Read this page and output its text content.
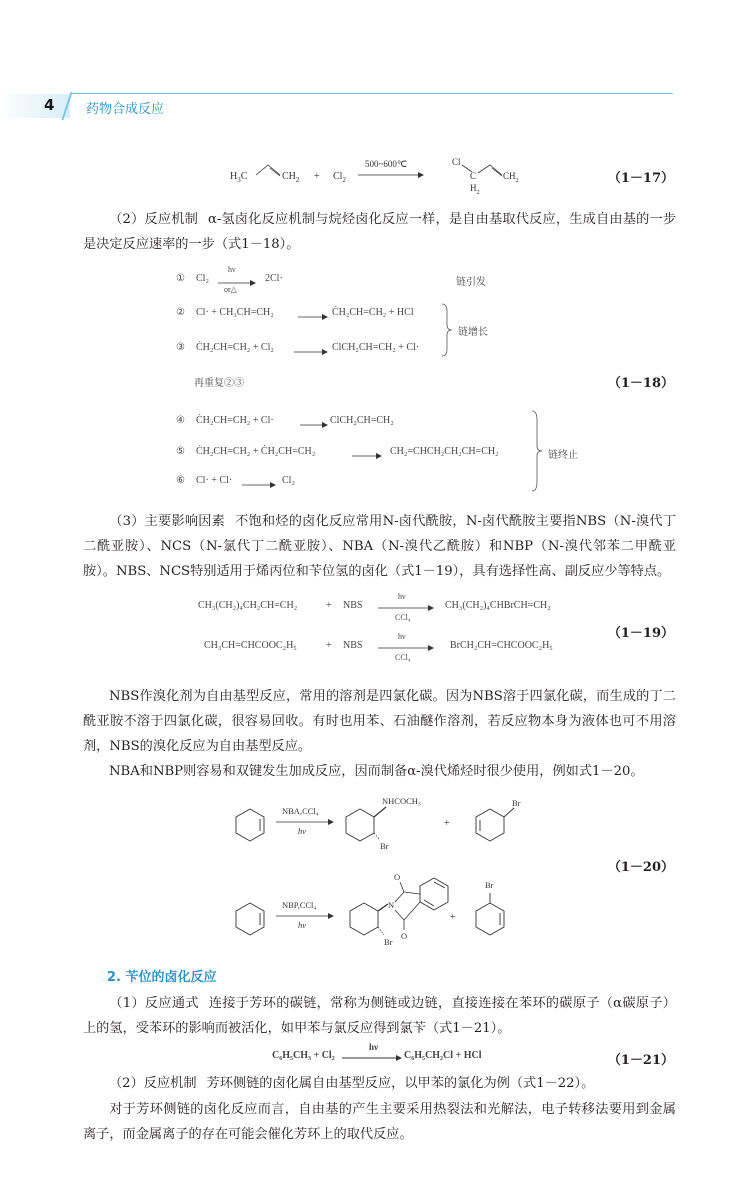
4 药物合成反应
$H_3C$	$CH_2 + Cl_2$
500~600℃	Cl
C
$H_2$
$CH_2$	（1－17）
（2）反应机制 α-氢卤化反应机制与烷烃卤化反应一样，是自由基取代反应，生成自由基的一步是决定反应速率的一步（式1－18）。
① Cl₂
hν
or△
2Cl·	链引发
② Cl· + CH₃CH=CH₂	ĊH₂CH=CH₂ + HCl
③ ĊH₂CH=CH₂ + Cl₂	ClCH₂CH=CH₂ + Cl·
链增长
再重复②③
④ ĊH₂CH=CH₂ + Cl·	ClCH₂CH=CH₂
⑤ ĊH₂CH=CH₂ + ĊH₂CH=CH₂	CH₂=CHCH₂CH₂CH=CH₂
⑥ Cl· + Cl·	Cl₂
链终止
（1－18）
（3）主要影响因素 不饱和烃的卤化反应常用N-卤代酰胺，N-卤代酰胺主要指NBS（N-溴代丁二酰亚胺）、NCS（N-氯代丁二酰亚胺）、NBA（N-溴代乙酰胺）和NBP（N-溴代邻苯二甲酰亚胺）。NBS、NCS特别适用于烯丙位和苄位氢的卤化（式1－19），具有选择性高、副反应少等特点。
CH₃(CH₂)₄CH₂CH=CH₂	+ NBS
hν
CCl₄
CH₃(CH₂)₄CHBrCH=CH₂
CH₃CH=CHCOOC₂H₅	+ NBS
hν
CCl₄
BrCH₂CH=CHCOOC₂H₅
（1－19）
NBS作溴化剂为自由基型反应，常用的溶剂是四氯化碳。因为NBS溶于四氯化碳，而生成的丁二酰亚胺不溶于四氯化碳，很容易回收。有时也用苯、石油醚作溶剂，若反应物本身为液体也可不用溶剂，NBS的溴化反应为自由基型反应。
NBA和NBP则容易和双键发生加成反应，因而制备α-溴代烯烃时很少使用，例如式1－20。
NBA,CCl₄
hν
NHCOCH₃
Br
+
Br
NBP,CCl₄
hν
N
O
O
Br
+
Br
（1－20）
2. 苄位的卤化反应
（1）反应通式 连接于芳环的碳链，常称为侧链或边链，直接连接在苯环的碳原子（α碳原子）上的氢，受苯环的影响而被活化，如甲苯与氯反应得到氯苄（式1－21）。
C₆H₅CH₃ + Cl₂
hν
C₆H₅CH₂Cl + HCl	（1－21）
（2）反应机制 芳环侧链的卤化属自由基型反应，以甲苯的氯化为例（式1－22）。
对于芳环侧链的卤化反应而言，自由基的产生主要采用热裂法和光解法，电子转移法要用到金属离子，而金属离子的存在可能会催化芳环上的取代反应。
